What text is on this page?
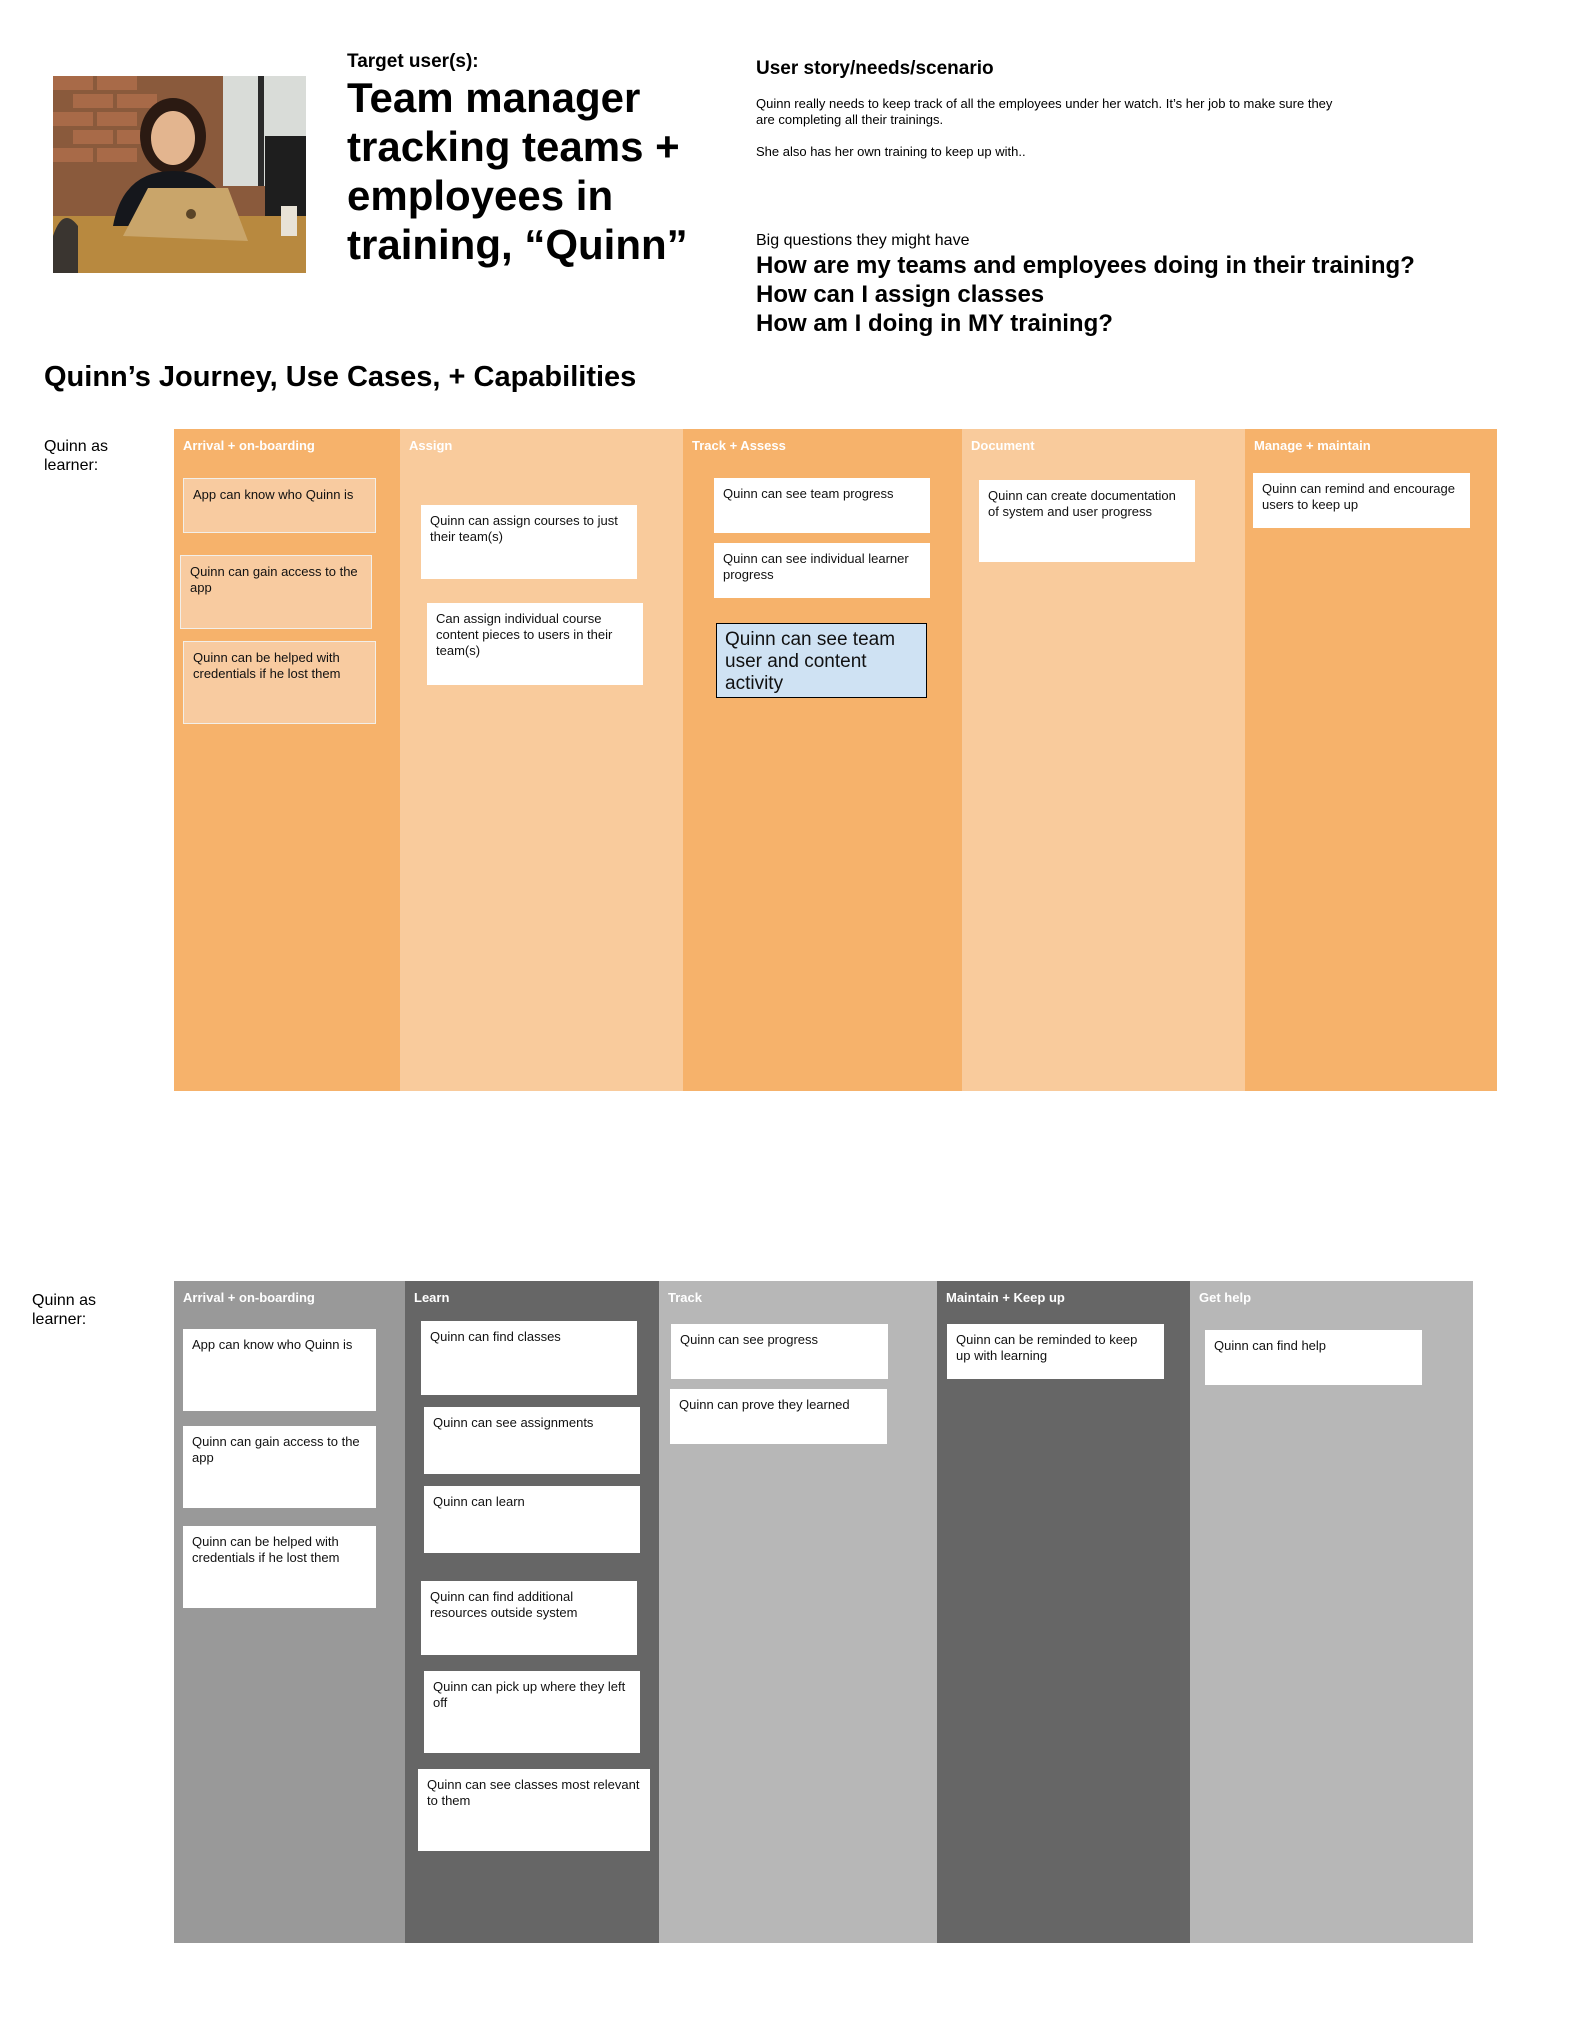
Target user(s):
Team manager
tracking teams +
employees in
training, “Quinn”
User story/needs/scenario
Quinn really needs to keep track of all the employees under her watch. It’s her job to make sure they are completing all their trainings.
She also has her own training to keep up with..
Big questions they might have
How are my teams and employees doing in their training?
How can I assign classes
How am I doing in MY training?
Quinn’s Journey, Use Cases, + Capabilities
Quinn as learner:
Arrival + on-boarding
App can know who Quinn is
Quinn can gain access to the app
Quinn can be helped with credentials if he lost them
Assign
Quinn can assign courses to just their team(s)
Can assign individual course content pieces to users in their team(s)
Track + Assess
Quinn can see team progress
Quinn can see individual learner progress
Quinn can see team user and content activity
Document
Quinn can create documentation of system and user progress
Manage + maintain
Quinn can remind and encourage users to keep up
Quinn as learner:
Arrival + on-boarding
App can know who Quinn is
Quinn can gain access to the app
Quinn can be helped with credentials if he lost them
Learn
Quinn can find classes
Quinn can see assignments
Quinn can learn
Quinn can find additional resources outside system
Quinn can pick up where they left off
Quinn can see classes most relevant to them
Track
Quinn can see progress
Quinn can prove they learned
Maintain + Keep up
Quinn can be reminded to keep up with learning
Get help
Quinn can find help
